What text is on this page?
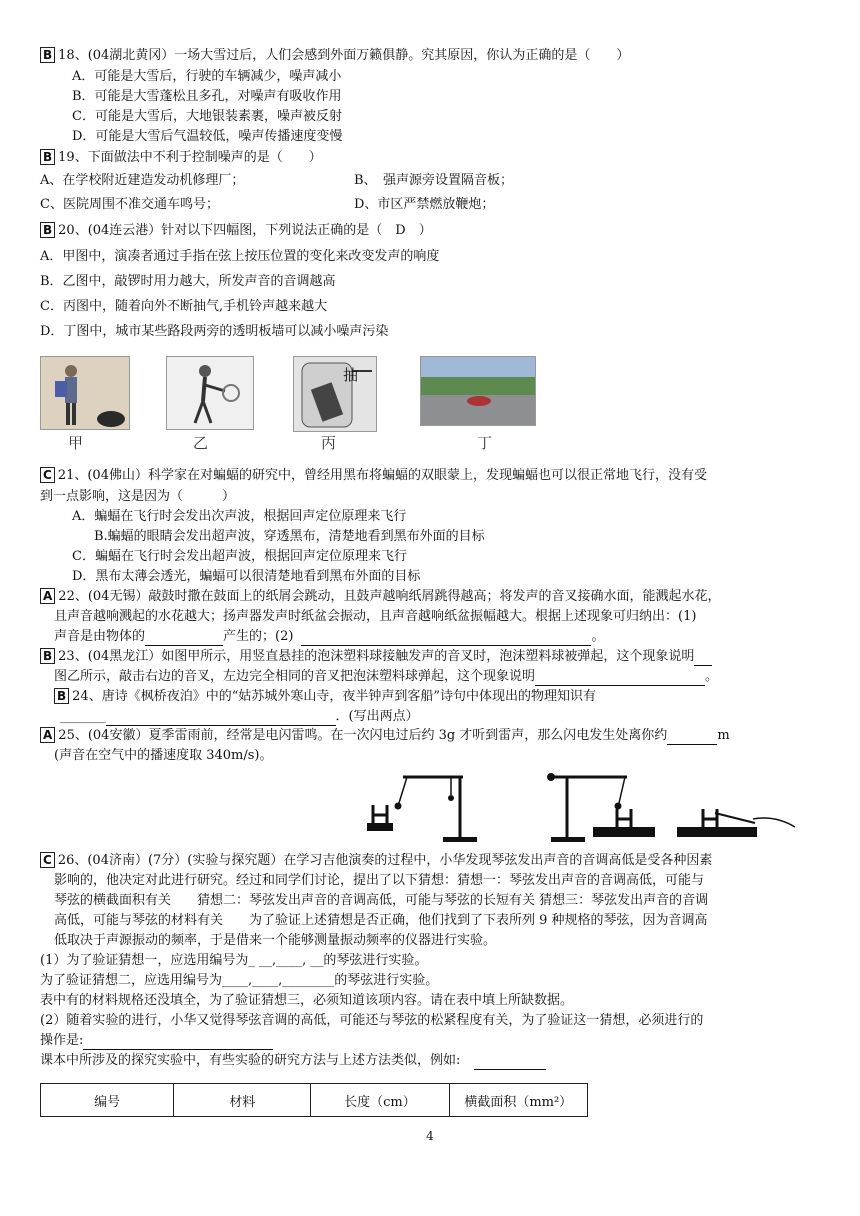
B 18、(04湖北黄冈）一场大雪过后，人们会感到外面万籁俱静。究其原因，你认为正确的是（　　）
A．可能是大雪后，行驶的车辆减少，噪声减小
B．可能是大雪蓬松且多孔，对噪声有吸收作用
C．可能是大雪后，大地银装素裹，噪声被反射
D．可能是大雪后气温较低，噪声传播速度变慢
B 19、下面做法中不利于控制噪声的是（　　）
A、在学校附近建造发动机修理厂；	B、　强声源旁设置隔音板；
C、医院周围不准交通车鸣号；	D、市区严禁燃放鞭炮；
B 20、(04连云港）针对以下四幅图，下列说法正确的是（　D　）
A．甲图中，演凑者通过手指在弦上按压位置的变化来改变发声的响度
B．乙图中，敲锣时用力越大，所发声音的音调越高
C．丙图中，随着向外不断抽气,手机铃声越来越大
D．丁图中，城市某些路段两旁的透明板墙可以减小噪声污染
抽
甲	乙	丙	丁
C 21、(04佛山）科学家在对蝙蝠的研究中，曾经用黑布将蝙蝠的双眼蒙上，发现蝙蝠也可以很正常地飞行，没有受
到一点影响，这是因为（　　　）
A．蝙蝠在飞行时会发出次声波，根据回声定位原理来飞行
B.蝙蝠的眼睛会发出超声波，穿透黑布，清楚地看到黑布外面的目标
C．蝙蝠在飞行时会发出超声波，根据回声定位原理来飞行
D．黑布太薄会透光，蝙蝠可以很清楚地看到黑布外面的目标
A 22、(04无锡）敲鼓时撒在鼓面上的纸屑会跳动，且鼓声越响纸屑跳得越高；将发声的音叉接确水面，能溅起水花，
且声音越响溅起的水花越大；扬声器发声时纸盆会振动，且声音越响纸盆振幅越大。根据上述现象可归纳出：(1)
声音是由物体的	产生的；(2)	。
B 23、(04黑龙江）如图甲所示，用竖直悬挂的泡沫塑料球接触发声的音叉时，泡沫塑料球被弹起，这个现象说明
图乙所示，敲击右边的音叉，左边完全相同的音叉把泡沫塑料球弹起，这个现象说明	。
B 24、唐诗《枫桥夜泊》中的“姑苏城外寒山寺，夜半钟声到客船”诗句中体现出的物理知识有
_______	．(写出两点）
A 25、(04安徽）夏季雷雨前，经常是电闪雷鸣。在一次闪电过后约 3g 才听到雷声，那么闪电发生处离你约	m
(声音在空气中的播速度取 340m/s)。
C 26、(04济南）(7分）(实验与探究题）在学习吉他演奏的过程中，小华发现琴弦发出声音的音调高低是受各种因素
影响的，他决定对此进行研究。经过和同学们讨论，提出了以下猜想：猜想一：琴弦发出声音的音调高低，可能与
琴弦的横截面积有关　　猜想二：琴弦发出声音的音调高低，可能与琴弦的长短有关 猜想三：琴弦发出声音的音调
高低，可能与琴弦的材料有关　　为了验证上述猜想是否正确，他们找到了下表所列 9 种规格的琴弦，因为音调高
低取决于声源振动的频率，于是借来一个能够测量振动频率的仪器进行实验。
(1）为了验证猜想一，应选用编号为_ __,____, __的琴弦进行实验。
为了验证猜想二，应选用编号为____,____,________的琴弦进行实验。
表中有的材料规格还没填全，为了验证猜想三，必须知道该项内容。请在表中填上所缺数据。
(2）随着实验的进行，小华又觉得琴弦音调的高低，可能还与琴弦的松紧程度有关，为了验证这一猜想，必须进行的
操作是:
课本中所涉及的探究实验中，有些实验的研究方法与上述方法类似，例如:
编号	材料	长度（cm）	横截面积（mm²）
4
